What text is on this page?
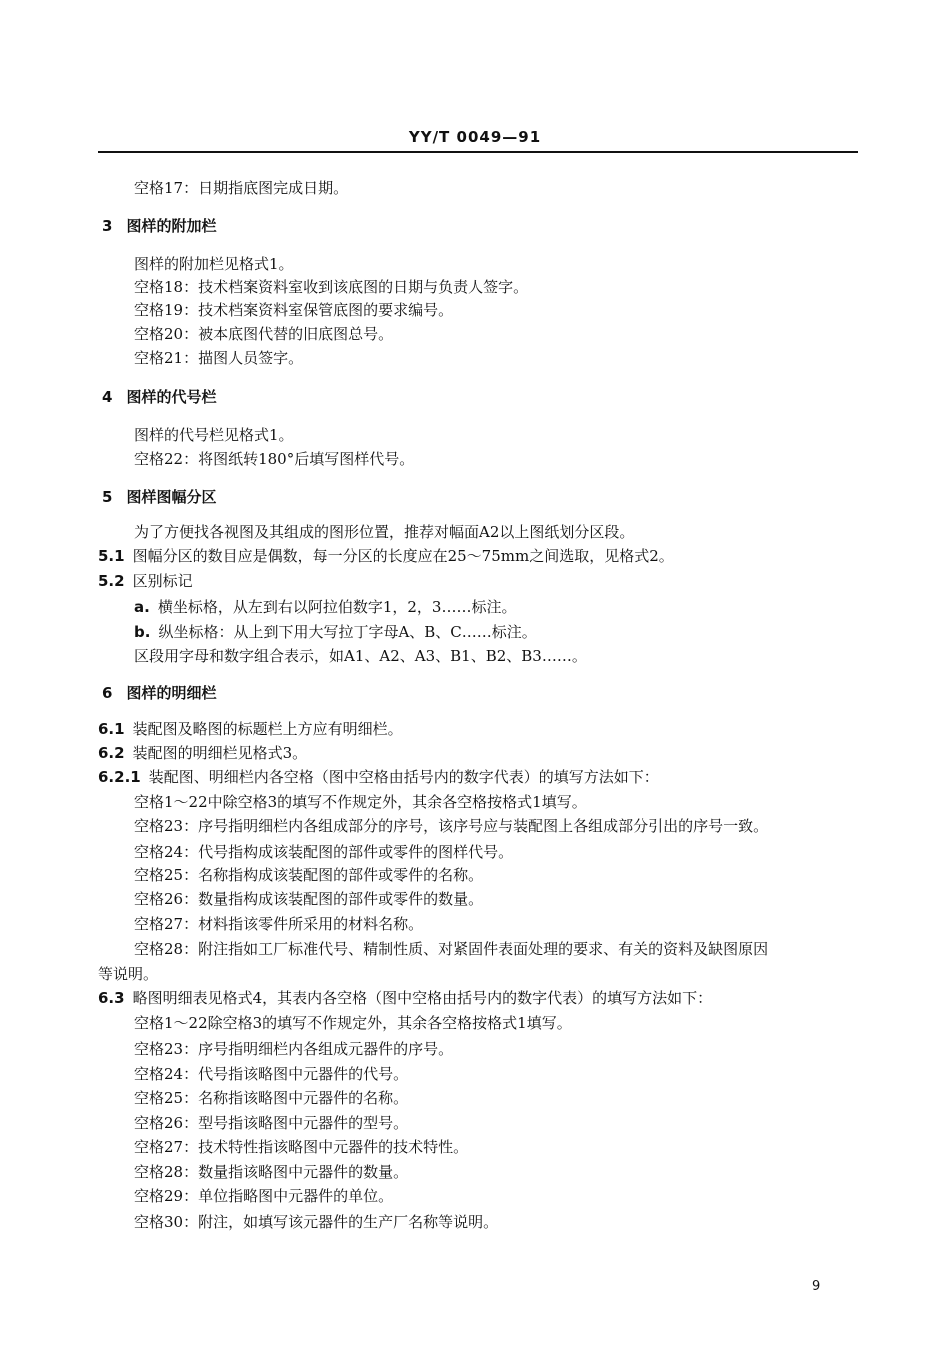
YY/T 0049—91
空格17：日期指底图完成日期。
3 图样的附加栏
图样的附加栏见格式1。
空格18：技术档案资料室收到该底图的日期与负责人签字。
空格19：技术档案资料室保管底图的要求编号。
空格20：被本底图代替的旧底图总号。
空格21：描图人员签字。
4 图样的代号栏
图样的代号栏见格式1。
空格22：将图纸转180°后填写图样代号。
5 图样图幅分区
为了方便找各视图及其组成的图形位置，推荐对幅面A2以上图纸划分区段。
5.1 图幅分区的数目应是偶数，每一分区的长度应在25～75mm之间选取，见格式2。
5.2 区别标记
a. 横坐标格，从左到右以阿拉伯数字1，2，3……标注。
b. 纵坐标格：从上到下用大写拉丁字母A、B、C……标注。
区段用字母和数字组合表示，如A1、A2、A3、B1、B2、B3……。
6 图样的明细栏
6.1 装配图及略图的标题栏上方应有明细栏。
6.2 装配图的明细栏见格式3。
6.2.1 装配图、明细栏内各空格（图中空格由括号内的数字代表）的填写方法如下：
空格1～22中除空格3的填写不作规定外，其余各空格按格式1填写。
空格23：序号指明细栏内各组成部分的序号，该序号应与装配图上各组成部分引出的序号一致。
空格24：代号指构成该装配图的部件或零件的图样代号。
空格25：名称指构成该装配图的部件或零件的名称。
空格26：数量指构成该装配图的部件或零件的数量。
空格27：材料指该零件所采用的材料名称。
空格28：附注指如工厂标准代号、精制性质、对紧固件表面处理的要求、有关的资料及缺图原因
等说明。
6.3 略图明细表见格式4，其表内各空格（图中空格由括号内的数字代表）的填写方法如下：
空格1～22除空格3的填写不作规定外，其余各空格按格式1填写。
空格23：序号指明细栏内各组成元器件的序号。
空格24：代号指该略图中元器件的代号。
空格25：名称指该略图中元器件的名称。
空格26：型号指该略图中元器件的型号。
空格27：技术特性指该略图中元器件的技术特性。
空格28：数量指该略图中元器件的数量。
空格29：单位指略图中元器件的单位。
空格30：附注，如填写该元器件的生产厂名称等说明。
9
